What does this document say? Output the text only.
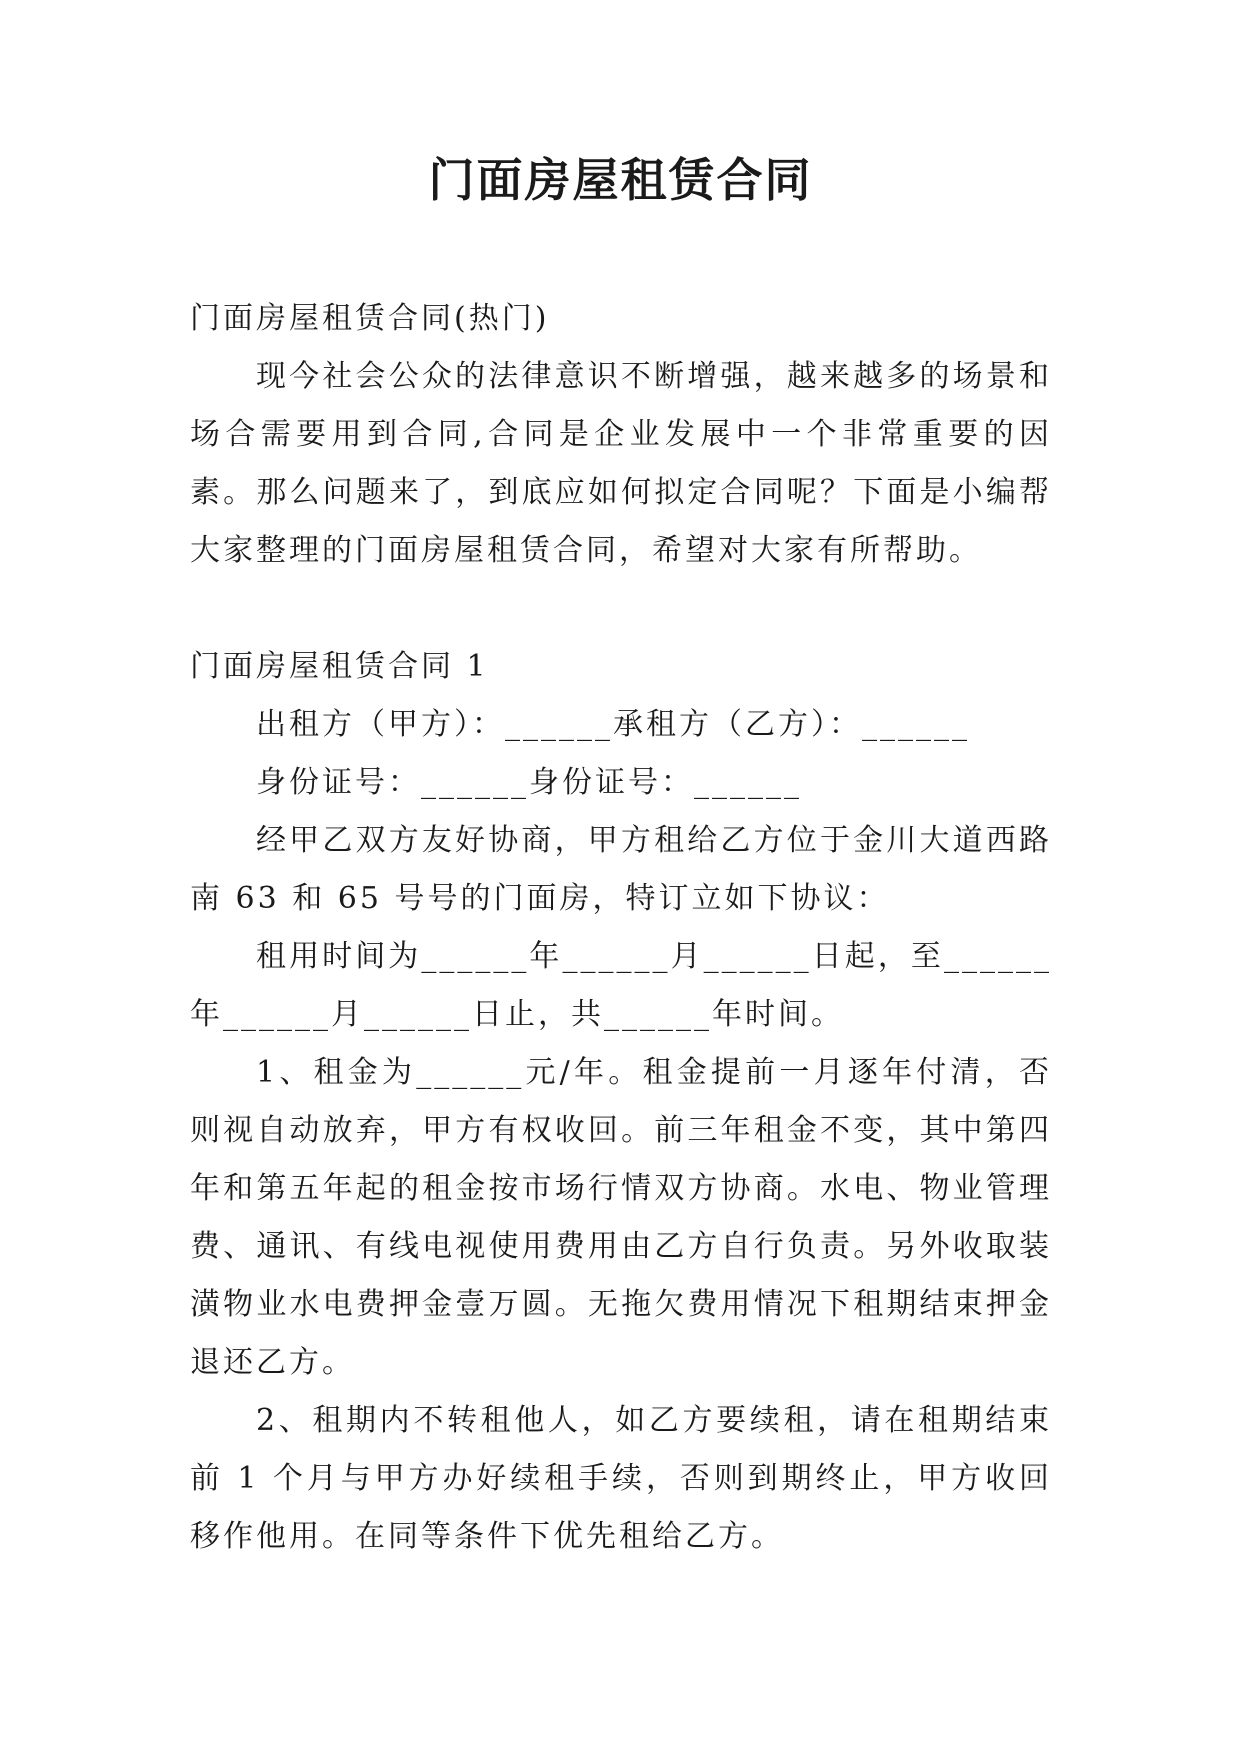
门面房屋租赁合同

门面房屋租赁合同(热门)

现今社会公众的法律意识不断增强，越来越多的场景和场合需要用到合同,合同是企业发展中一个非常重要的因素。那么问题来了，到底应如何拟定合同呢？下面是小编帮大家整理的门面房屋租赁合同，希望对大家有所帮助。

门面房屋租赁合同 1

出租方（甲方）：______承租方（乙方）：______

身份证号：______身份证号：______

经甲乙双方友好协商，甲方租给乙方位于金川大道西路南 63 和 65 号号的门面房，特订立如下协议：

租用时间为______年______月______日起，至______年______月______日止，共______年时间。

1、租金为______元/年。租金提前一月逐年付清，否则视自动放弃，甲方有权收回。前三年租金不变，其中第四年和第五年起的租金按市场行情双方协商。水电、物业管理费、通讯、有线电视使用费用由乙方自行负责。另外收取装潢物业水电费押金壹万圆。无拖欠费用情况下租期结束押金退还乙方。

2、租期内不转租他人，如乙方要续租，请在租期结束前 1 个月与甲方办好续租手续，否则到期终止，甲方收回移作他用。在同等条件下优先租给乙方。
